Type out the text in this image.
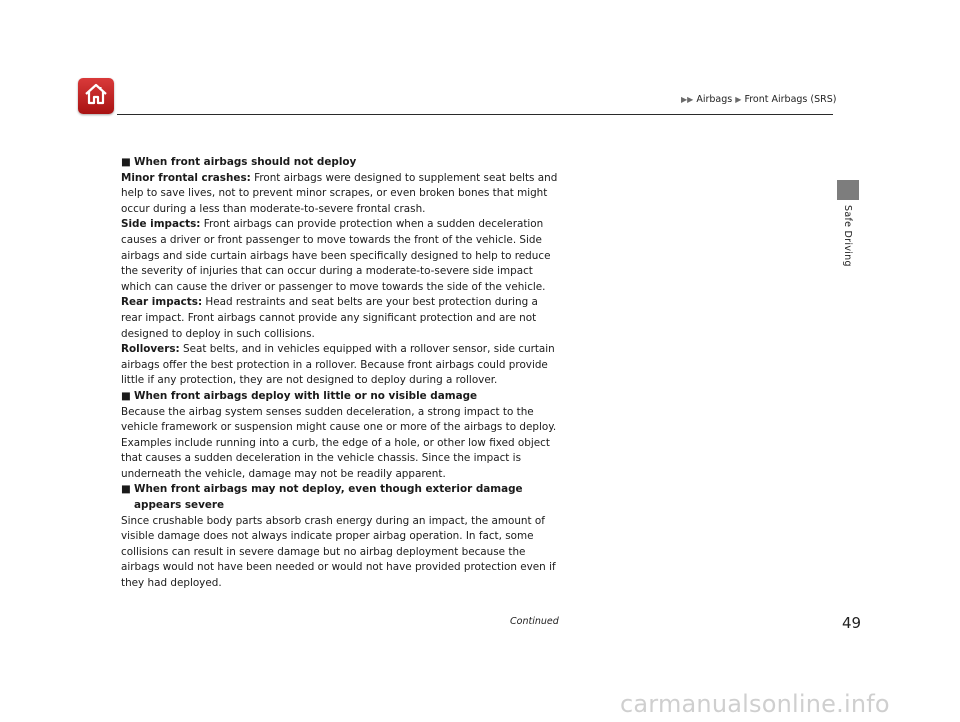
▶▶ Airbags ▶ Front Airbags (SRS)
Safe Driving
■ When front airbags should not deploy

Minor frontal crashes: Front airbags were designed to supplement seat belts and help to save lives, not to prevent minor scrapes, or even broken bones that might occur during a less than moderate-to-severe frontal crash.

Side impacts: Front airbags can provide protection when a sudden deceleration causes a driver or front passenger to move towards the front of the vehicle. Side airbags and side curtain airbags have been specifically designed to help to reduce the severity of injuries that can occur during a moderate-to-severe side impact which can cause the driver or passenger to move towards the side of the vehicle.

Rear impacts: Head restraints and seat belts are your best protection during a rear impact. Front airbags cannot provide any significant protection and are not designed to deploy in such collisions.

Rollovers: Seat belts, and in vehicles equipped with a rollover sensor, side curtain airbags offer the best protection in a rollover. Because front airbags could provide little if any protection, they are not designed to deploy during a rollover.

■ When front airbags deploy with little or no visible damage

Because the airbag system senses sudden deceleration, a strong impact to the vehicle framework or suspension might cause one or more of the airbags to deploy. Examples include running into a curb, the edge of a hole, or other low fixed object that causes a sudden deceleration in the vehicle chassis. Since the impact is underneath the vehicle, damage may not be readily apparent.

■ When front airbags may not deploy, even though exterior damage appears severe

Since crushable body parts absorb crash energy during an impact, the amount of visible damage does not always indicate proper airbag operation. In fact, some collisions can result in severe damage but no airbag deployment because the airbags would not have been needed or would not have provided protection even if they had deployed.

Continued	49
carmanualsonline.info
